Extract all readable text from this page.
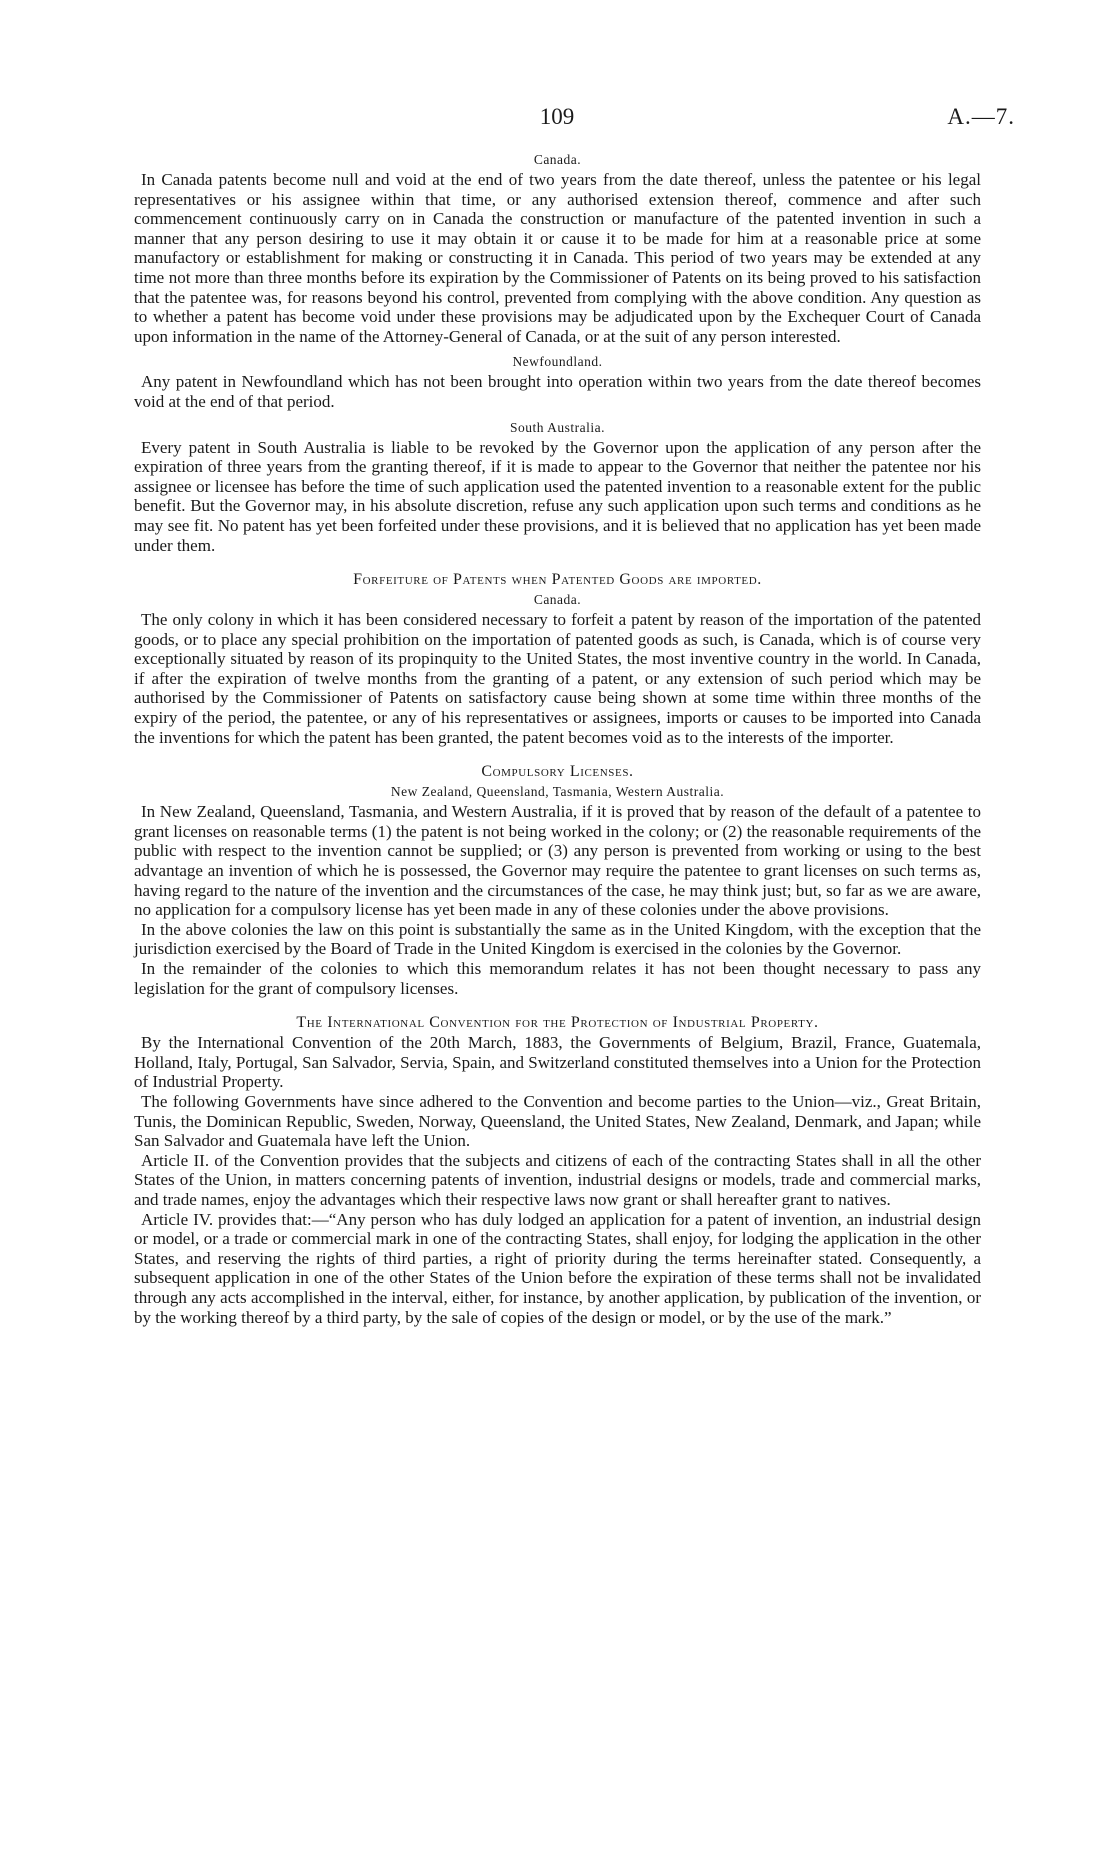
109	A.—7.
Canada.

In Canada patents become null and void at the end of two years from the date thereof, unless the patentee or his legal representatives or his assignee within that time, or any authorised extension thereof, commence and after such commencement continuously carry on in Canada the construction or manufacture of the patented invention in such a manner that any person desiring to use it may obtain it or cause it to be made for him at a reasonable price at some manufactory or establishment for making or constructing it in Canada. This period of two years may be extended at any time not more than three months before its expiration by the Commissioner of Patents on its being proved to his satisfaction that the patentee was, for reasons beyond his control, prevented from complying with the above condition. Any question as to whether a patent has become void under these provisions may be adjudicated upon by the Exchequer Court of Canada upon information in the name of the Attorney-General of Canada, or at the suit of any person interested.

Newfoundland.

Any patent in Newfoundland which has not been brought into operation within two years from the date thereof becomes void at the end of that period.

South Australia.

Every patent in South Australia is liable to be revoked by the Governor upon the application of any person after the expiration of three years from the granting thereof, if it is made to appear to the Governor that neither the patentee nor his assignee or licensee has before the time of such application used the patented invention to a reasonable extent for the public benefit. But the Governor may, in his absolute discretion, refuse any such application upon such terms and conditions as he may see fit. No patent has yet been forfeited under these provisions, and it is believed that no application has yet been made under them.

Forfeiture of Patents when Patented Goods are imported.
Canada.

The only colony in which it has been considered necessary to forfeit a patent by reason of the importation of the patented goods, or to place any special prohibition on the importation of patented goods as such, is Canada, which is of course very exceptionally situated by reason of its propinquity to the United States, the most inventive country in the world. In Canada, if after the expiration of twelve months from the granting of a patent, or any extension of such period which may be authorised by the Commissioner of Patents on satisfactory cause being shown at some time within three months of the expiry of the period, the patentee, or any of his representatives or assignees, imports or causes to be imported into Canada the inventions for which the patent has been granted, the patent becomes void as to the interests of the importer.

Compulsory Licenses.
New Zealand, Queensland, Tasmania, Western Australia.

In New Zealand, Queensland, Tasmania, and Western Australia, if it is proved that by reason of the default of a patentee to grant licenses on reasonable terms (1) the patent is not being worked in the colony; or (2) the reasonable requirements of the public with respect to the invention cannot be supplied; or (3) any person is prevented from working or using to the best advantage an invention of which he is possessed, the Governor may require the patentee to grant licenses on such terms as, having regard to the nature of the invention and the circumstances of the case, he may think just; but, so far as we are aware, no application for a compulsory license has yet been made in any of these colonies under the above provisions.

In the above colonies the law on this point is substantially the same as in the United Kingdom, with the exception that the jurisdiction exercised by the Board of Trade in the United Kingdom is exercised in the colonies by the Governor.

In the remainder of the colonies to which this memorandum relates it has not been thought necessary to pass any legislation for the grant of compulsory licenses.

The International Convention for the Protection of Industrial Property.

By the International Convention of the 20th March, 1883, the Governments of Belgium, Brazil, France, Guatemala, Holland, Italy, Portugal, San Salvador, Servia, Spain, and Switzerland constituted themselves into a Union for the Protection of Industrial Property.

The following Governments have since adhered to the Convention and become parties to the Union—viz., Great Britain, Tunis, the Dominican Republic, Sweden, Norway, Queensland, the United States, New Zealand, Denmark, and Japan; while San Salvador and Guatemala have left the Union.

Article II. of the Convention provides that the subjects and citizens of each of the contracting States shall in all the other States of the Union, in matters concerning patents of invention, industrial designs or models, trade and commercial marks, and trade names, enjoy the advantages which their respective laws now grant or shall hereafter grant to natives.

Article IV. provides that:—“Any person who has duly lodged an application for a patent of invention, an industrial design or model, or a trade or commercial mark in one of the contracting States, shall enjoy, for lodging the application in the other States, and reserving the rights of third parties, a right of priority during the terms hereinafter stated. Consequently, a subsequent application in one of the other States of the Union before the expiration of these terms shall not be invalidated through any acts accomplished in the interval, either, for instance, by another application, by publication of the invention, or by the working thereof by a third party, by the sale of copies of the design or model, or by the use of the mark.”
